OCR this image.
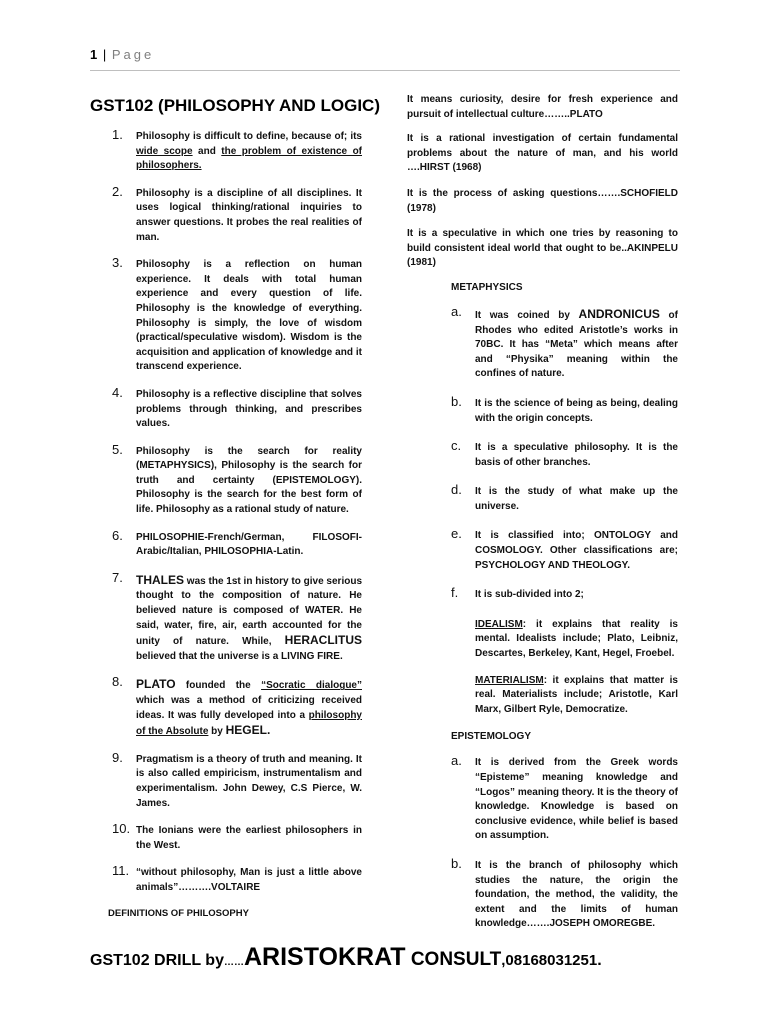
1 | Page
GST102 (PHILOSOPHY AND LOGIC)
1. Philosophy is difficult to define, because of; its wide scope and the problem of existence of philosophers.
2. Philosophy is a discipline of all disciplines. It uses logical thinking/rational inquiries to answer questions. It probes the real realities of man.
3. Philosophy is a reflection on human experience. It deals with total human experience and every question of life. Philosophy is the knowledge of everything. Philosophy is simply, the love of wisdom (practical/speculative wisdom). Wisdom is the acquisition and application of knowledge and it transcend experience.
4. Philosophy is a reflective discipline that solves problems through thinking, and prescribes values.
5. Philosophy is the search for reality (METAPHYSICS), Philosophy is the search for truth and certainty (EPISTEMOLOGY). Philosophy is the search for the best form of life. Philosophy as a rational study of nature.
6. PHILOSOPHIE-French/German, FILOSOFI-Arabic/Italian, PHILOSOPHIA-Latin.
7. THALES was the 1st in history to give serious thought to the composition of nature. He believed nature is composed of WATER. He said, water, fire, air, earth accounted for the unity of nature. While, HERACLITUS believed that the universe is a LIVING FIRE.
8. PLATO founded the “Socratic dialogue” which was a method of criticizing received ideas. It was fully developed into a philosophy of the Absolute by HEGEL.
9. Pragmatism is a theory of truth and meaning. It is also called empiricism, instrumentalism and experimentalism. John Dewey, C.S Pierce, W. James.
10. The Ionians were the earliest philosophers in the West.
11. “without philosophy, Man is just a little above animals”……….VOLTAIRE
DEFINITIONS OF PHILOSOPHY

It means curiosity, desire for fresh experience and pursuit of intellectual culture……..PLATO

It is a rational investigation of certain fundamental problems about the nature of man, and his world ….HIRST (1968)

It is the process of asking questions…….SCHOFIELD (1978)

It is a speculative in which one tries by reasoning to build consistent ideal world that ought to be..AKINPELU (1981)

METAPHYSICS
a. It was coined by ANDRONICUS of Rhodes who edited Aristotle’s works in 70BC. It has “Meta” which means after and “Physika” meaning within the confines of nature.
b. It is the science of being as being, dealing with the origin concepts.
c. It is a speculative philosophy. It is the basis of other branches.
d. It is the study of what make up the universe.
e. It is classified into; ONTOLOGY and COSMOLOGY. Other classifications are; PSYCHOLOGY AND THEOLOGY.
f. It is sub-divided into 2;
IDEALISM: it explains that reality is mental. Idealists include; Plato, Leibniz, Descartes, Berkeley, Kant, Hegel, Froebel.
MATERIALISM: it explains that matter is real. Materialists include; Aristotle, Karl Marx, Gilbert Ryle, Democratize.
EPISTEMOLOGY
a. It is derived from the Greek words “Episteme” meaning knowledge and “Logos” meaning theory. It is the theory of knowledge. Knowledge is based on conclusive evidence, while belief is based on assumption.
b. It is the branch of philosophy which studies the nature, the origin the foundation, the method, the validity, the extent and the limits of human knowledge…….JOSEPH OMOREGBE.
GST102 DRILL by……ARISTOKRAT CONSULT,08168031251.
